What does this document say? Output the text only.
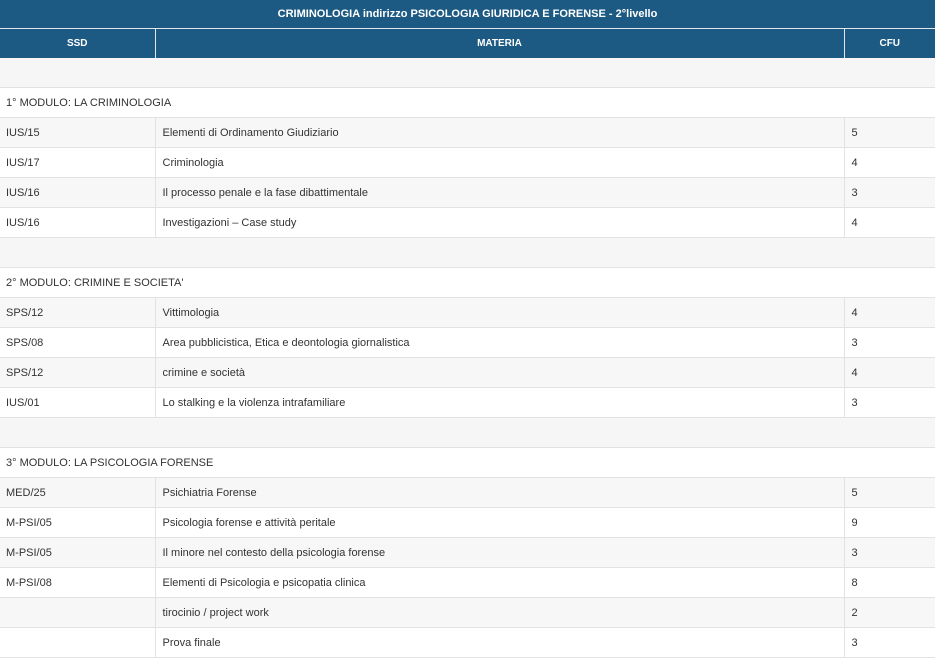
CRIMINOLOGIA indirizzo PSICOLOGIA GIURIDICA E FORENSE - 2°livello		
SSD	MATERIA	CFU

1° MODULO: LA CRIMINOLOGIA		
IUS/15	Elementi di Ordinamento Giudiziario	5
IUS/17	Criminologia	4
IUS/16	Il processo penale e la fase dibattimentale	3
IUS/16	Investigazioni – Case study	4

2° MODULO: CRIMINE E SOCIETA'		
SPS/12	Vittimologia	4
SPS/08	Area pubblicistica, Etica e deontologia giornalistica	3
SPS/12	crimine e società	4
IUS/01	Lo stalking e la violenza intrafamiliare	3

3° MODULO: LA PSICOLOGIA FORENSE		
MED/25	Psichiatria Forense	5
M-PSI/05	Psicologia forense e attività peritale	9
M-PSI/05	Il minore nel contesto della psicologia forense	3
M-PSI/08	Elementi di Psicologia e psicopatia clinica	8
	tirocinio / project work	2
	Prova finale	3
